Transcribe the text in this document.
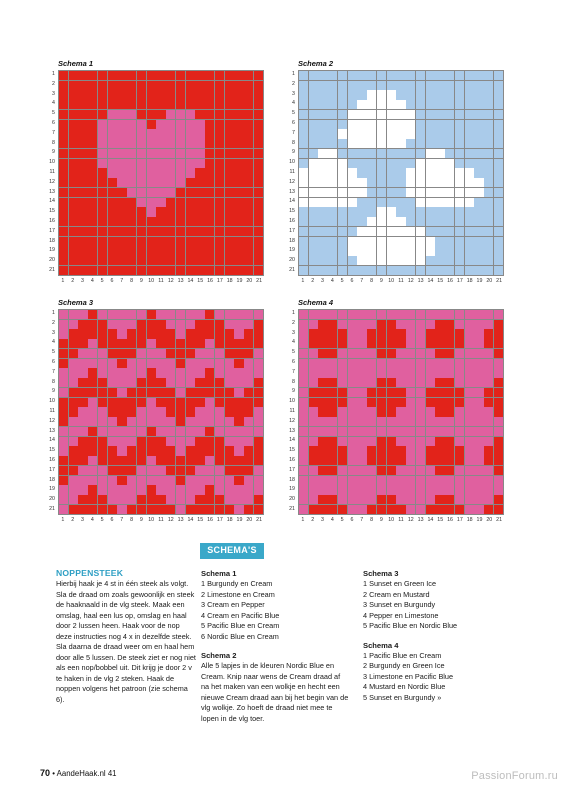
Schema 1
1
2
3
4
5
6
7
8
9
10
11
12
13
14
15
16
17
18
19
20
21
1	2	3	4	5	6	7	8	9	10 11 12 13 14 15 16 17 18 19 20 21
Schema 2
1
2
3
4
5
6
7
8
9
10
11
12
13
14
15
16
17
18
19
20
21
1	2	3	4	5	6	7	8	9	10 11 12 13 14 15 16 17 18 19 20 21
Schema 3
1
2
3
4
5
6
7
8
9
10
11
12
13
14
15
16
17
18
19
20
21
1	2	3	4	5	6	7	8	9	10 11 12 13 14 15 16 17 18 19 20 21
Schema 4
1
2
3
4
5
6
7
8
9
10
11
12
13
14
15
16
17
18
19
20
21
1	2	3	4	5	6	7	8	9	10 11 12 13 14 15 16 17 18 19 20 21
SCHEMA'S
NOPPENSTEEK

Hierbij haak je 4 st in één steek als volgt. Sla de draad om zoals gewoonlijk en steek de haaknaald in de vlg steek. Maak een omslag, haal een lus op, omslag en haal door 2 lussen heen. Haak voor de nop deze instructies nog 4 x in dezelfde steek. Sla daarna de draad weer om en haal hem door alle 5 lussen. De steek ziet er nog niet als een nop/bobbel uit. Dit krijg je door 2 v te haken in de vlg 2 steken. Haak de noppen volgens het patroon (zie schema 6).

Schema 1
1 Burgundy en Cream
2 Limestone en Cream
3 Cream en Pepper
4 Cream en Pacific Blue
5 Pacific Blue en Cream
6 Nordic Blue en Cream
Schema 2

Alle 5 lapjes in de kleuren Nordic Blue en Cream. Knip naar wens de Cream draad af na het maken van een wolkje en hecht een nieuwe Cream draad aan bij het begin van de vlg wolkje. Zo hoeft de draad niet mee te lopen in de vlg toer.

Schema 3
1 Sunset en Green Ice
2 Cream en Mustard
3 Sunset en Burgundy
4 Pepper en Limestone
5 Pacific Blue en Nordic Blue
Schema 4
1 Pacific Blue en Cream
2 Burgundy en Green Ice
3 Limestone en Pacific Blue
4 Mustard en Nordic Blue
5 Sunset en Burgundy »
70 • AandeHaak.nl 41	PassionForum.ru
